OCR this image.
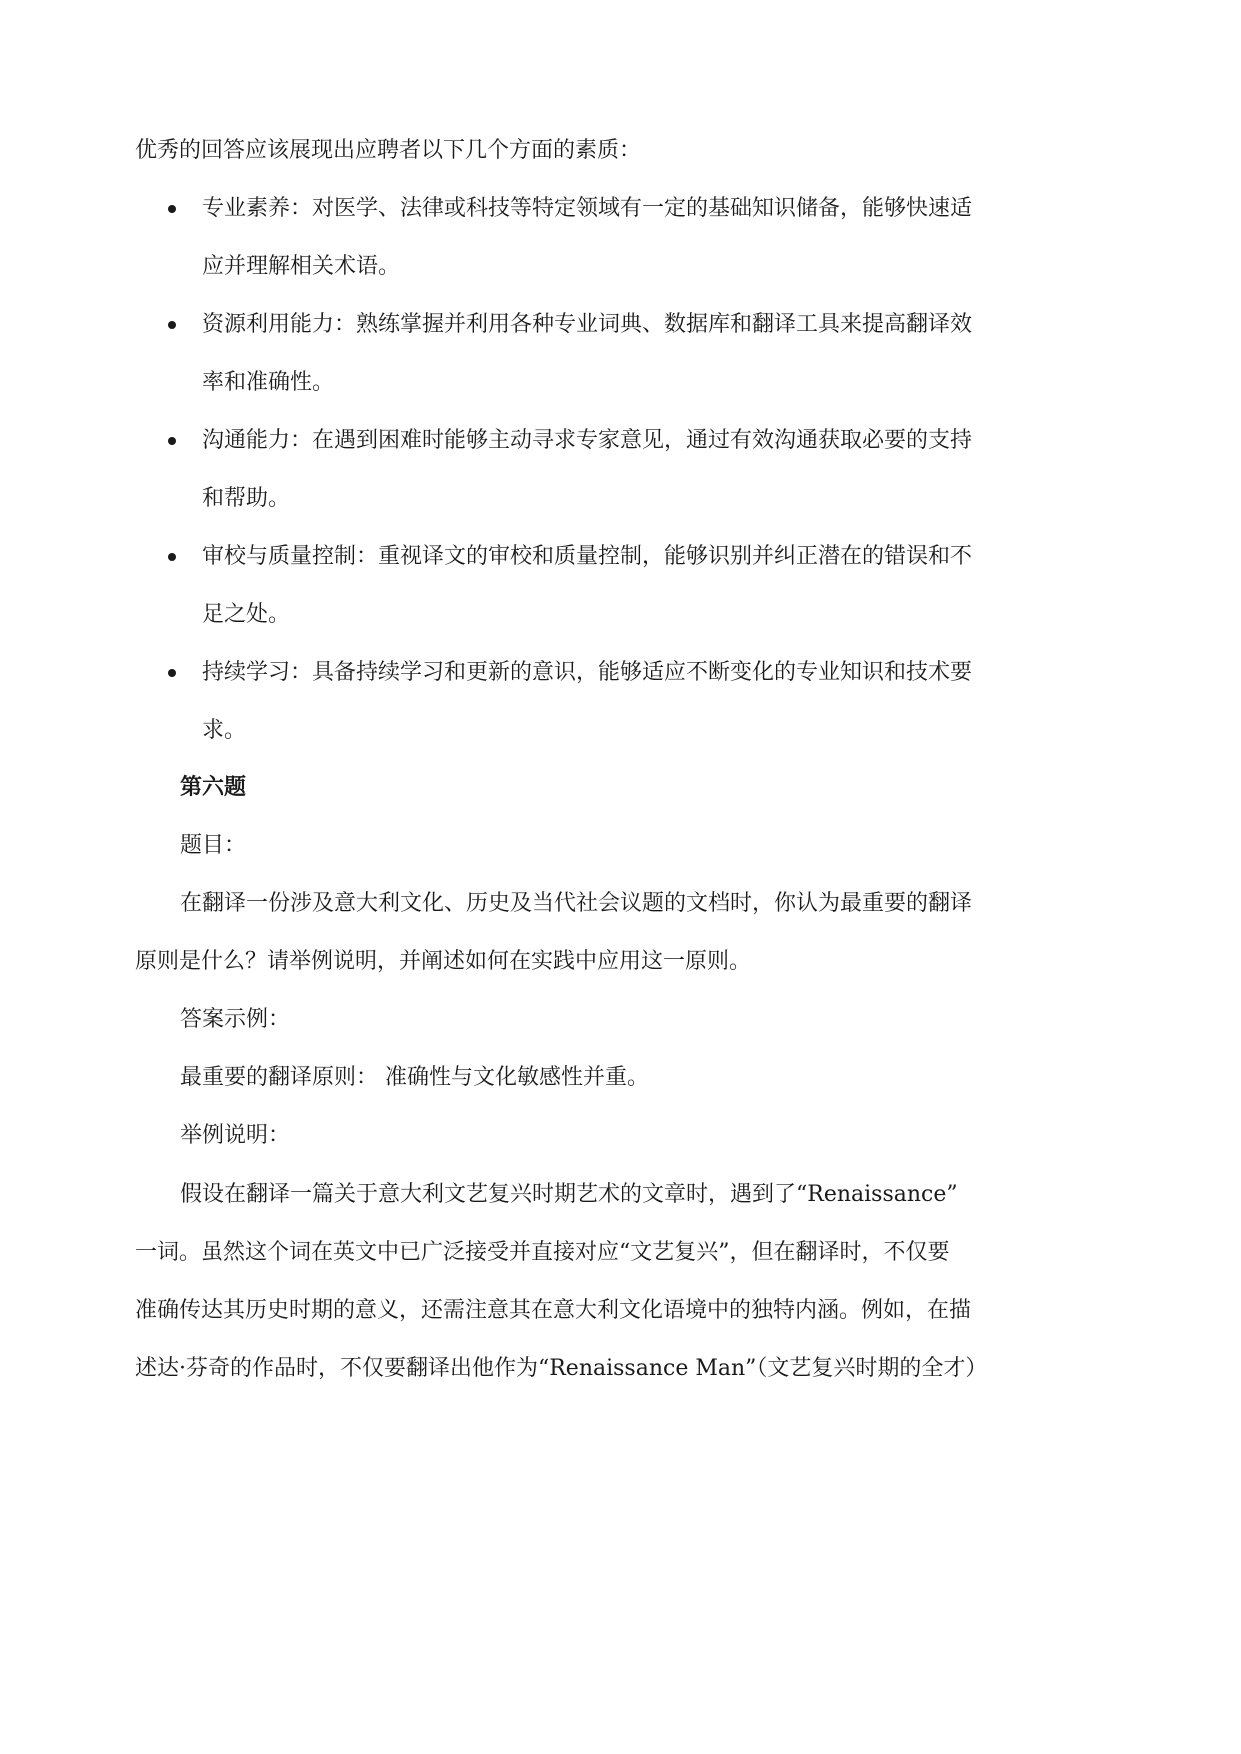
优秀的回答应该展现出应聘者以下几个方面的素质：
专业素养：对医学、法律或科技等特定领域有一定的基础知识储备，能够快速适
应并理解相关术语。
资源利用能力：熟练掌握并利用各种专业词典、数据库和翻译工具来提高翻译效
率和准确性。
沟通能力：在遇到困难时能够主动寻求专家意见，通过有效沟通获取必要的支持
和帮助。
审校与质量控制：重视译文的审校和质量控制，能够识别并纠正潜在的错误和不
足之处。
持续学习：具备持续学习和更新的意识，能够适应不断变化的专业知识和技术要
求。
第六题
题目：
在翻译一份涉及意大利文化、历史及当代社会议题的文档时，你认为最重要的翻译
原则是什么？请举例说明，并阐述如何在实践中应用这一原则。
答案示例：
最重要的翻译原则： 准确性与文化敏感性并重。
举例说明：
假设在翻译一篇关于意大利文艺复兴时期艺术的文章时，遇到了“Renaissance”
一词。虽然这个词在英文中已广泛接受并直接对应“文艺复兴”，但在翻译时，不仅要
准确传达其历史时期的意义，还需注意其在意大利文化语境中的独特内涵。例如，在描
述达·芬奇的作品时，不仅要翻译出他作为“Renaissance Man”（文艺复兴时期的全才）
